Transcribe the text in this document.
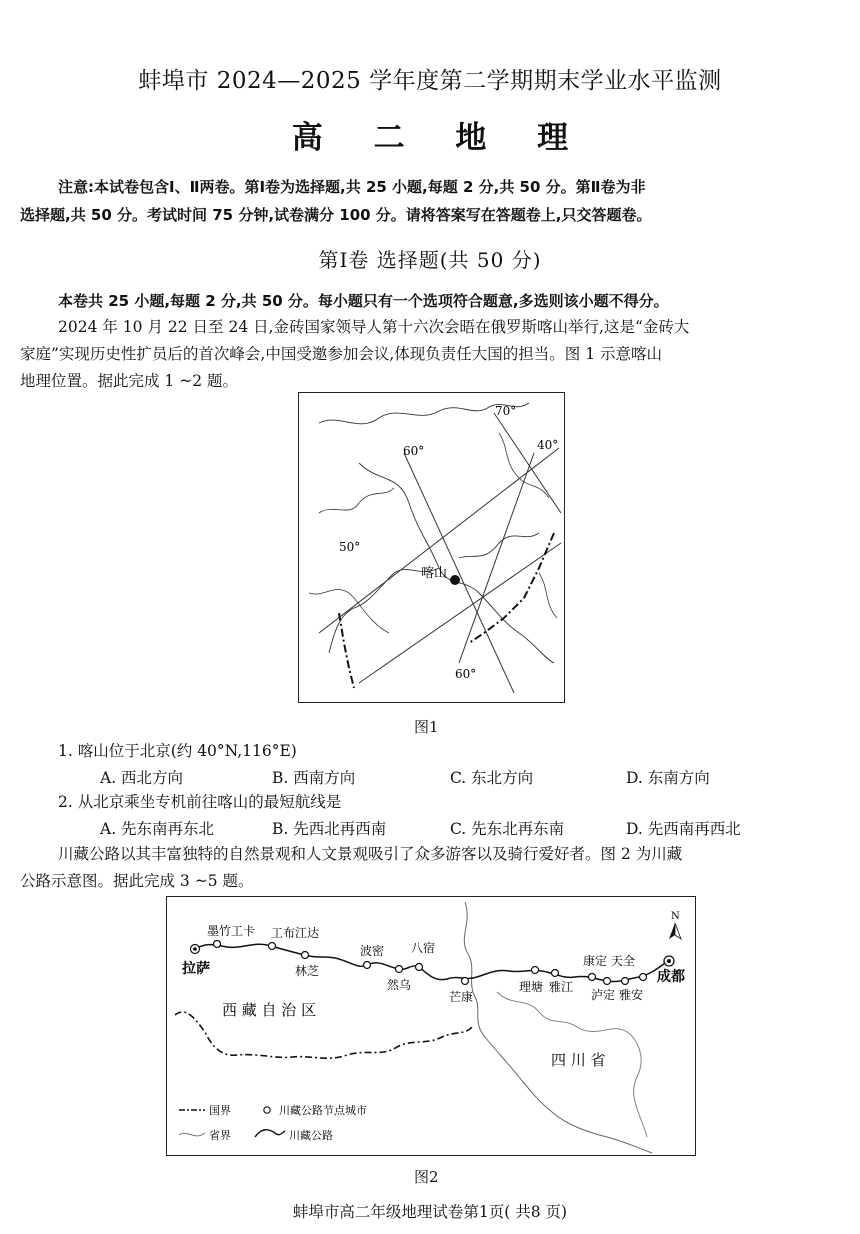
蚌埠市 2024—2025 学年度第二学期期末学业水平监测
高 二 地 理
注意:本试卷包含Ⅰ、Ⅱ两卷。第Ⅰ卷为选择题,共 25 小题,每题 2 分,共 50 分。第Ⅱ卷为非
选择题,共 50 分。考试时间 75 分钟,试卷满分 100 分。请将答案写在答题卷上,只交答题卷。
第Ⅰ卷 选择题(共 50 分)
本卷共 25 小题,每题 2 分,共 50 分。每小题只有一个选项符合题意,多选则该小题不得分。
2024 年 10 月 22 日至 24 日,金砖国家领导人第十六次会晤在俄罗斯喀山举行,这是“金砖大
家庭”实现历史性扩员后的首次峰会,中国受邀参加会议,体现负责任大国的担当。图 1 示意喀山
地理位置。据此完成 1 ~2 题。
喀山
70°
60°
50°
40°
60°
图1
1. 喀山位于北京(约 40°N,116°E)
A. 西北方向	B. 西南方向	C. 东北方向	D. 东南方向
2. 从北京乘坐专机前往喀山的最短航线是
A. 先东南再东北	B. 先西北再西南	C. 先东北再东南	D. 先西南再西北
川藏公路以其丰富独特的自然景观和人文景观吸引了众多游客以及骑行爱好者。图 2 为川藏
公路示意图。据此完成 3 ~5 题。
拉萨
墨竹工卡 工布江达
林芝
波密
然乌
八宿
芒康
理塘 雅江
康定 天全
泸定 雅安
成都
西 藏 自 治 区
四 川 省
N
国界	川藏公路节点城市
省界	川藏公路
图2
蚌埠市高二年级地理试卷第1页( 共8 页)
